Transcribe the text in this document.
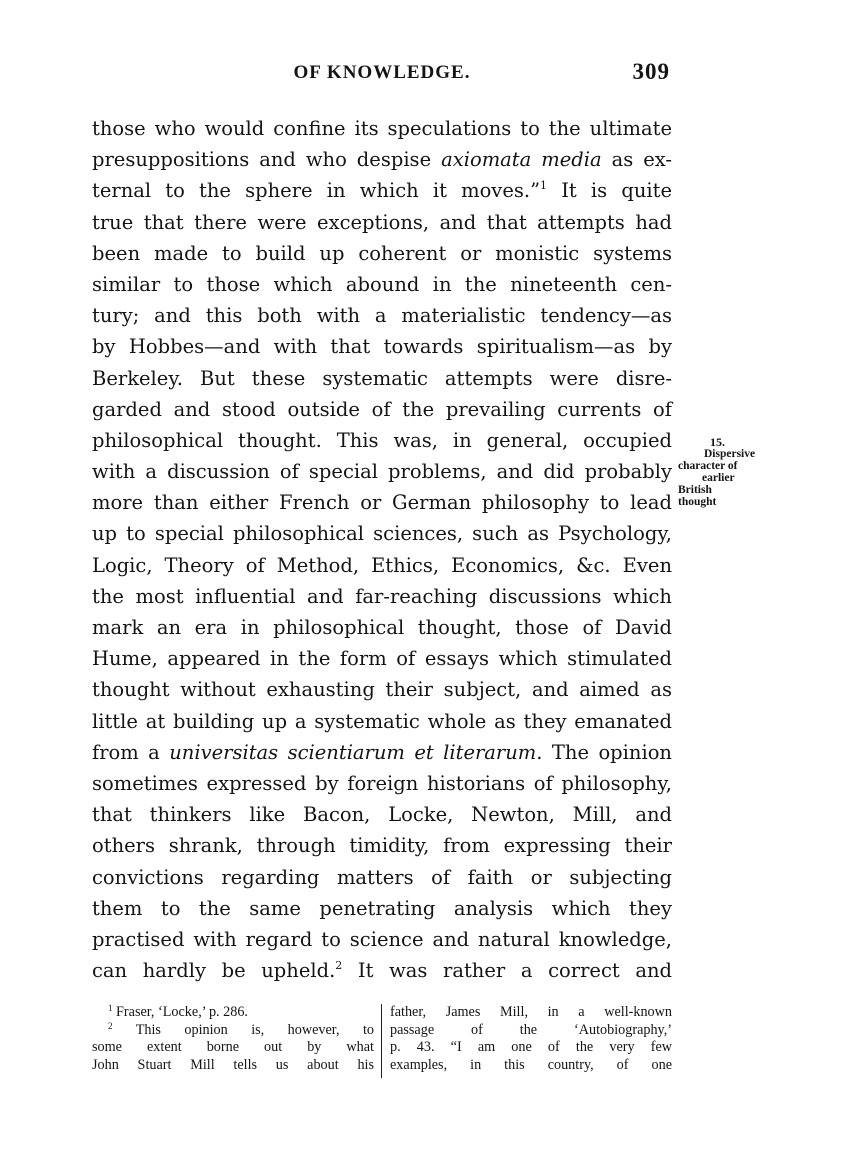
OF KNOWLEDGE.	309
those who would confine its speculations to the ultimate
presuppositions and who despise axiomata media as ex-
ternal to the sphere in which it moves.”$^1$ It is quite
true that there were exceptions, and that attempts had
been made to build up coherent or monistic systems
similar to those which abound in the nineteenth cen-
tury; and this both with a materialistic tendency—as
by Hobbes—and with that towards spiritualism—as by
Berkeley. But these systematic attempts were disre-
garded and stood outside of the prevailing currents of
philosophical thought. This was, in general, occupied
with a discussion of special problems, and did probably
more than either French or German philosophy to lead
up to special philosophical sciences, such as Psychology,
Logic, Theory of Method, Ethics, Economics, &c. Even
the most influential and far-reaching discussions which
mark an era in philosophical thought, those of David
Hume, appeared in the form of essays which stimulated
thought without exhausting their subject, and aimed as
little at building up a systematic whole as they emanated
from a universitas scientiarum et literarum. The opinion
sometimes expressed by foreign historians of philosophy,
that thinkers like Bacon, Locke, Newton, Mill, and
others shrank, through timidity, from expressing their
convictions regarding matters of faith or subjecting
them to the same penetrating analysis which they
practised with regard to science and natural knowledge,
can hardly be upheld.$^2$ It was rather a correct and
15.
Dispersive
character of
earlier
British
thought
$^1$ Fraser, ‘Locke,’ p. 286.
$^2$ This opinion is, however, to
some extent borne out by what
John Stuart Mill tells us about his
father, James Mill, in a well-known
passage of the ‘Autobiography,’
p. 43. “I am one of the very few
examples, in this country, of one
